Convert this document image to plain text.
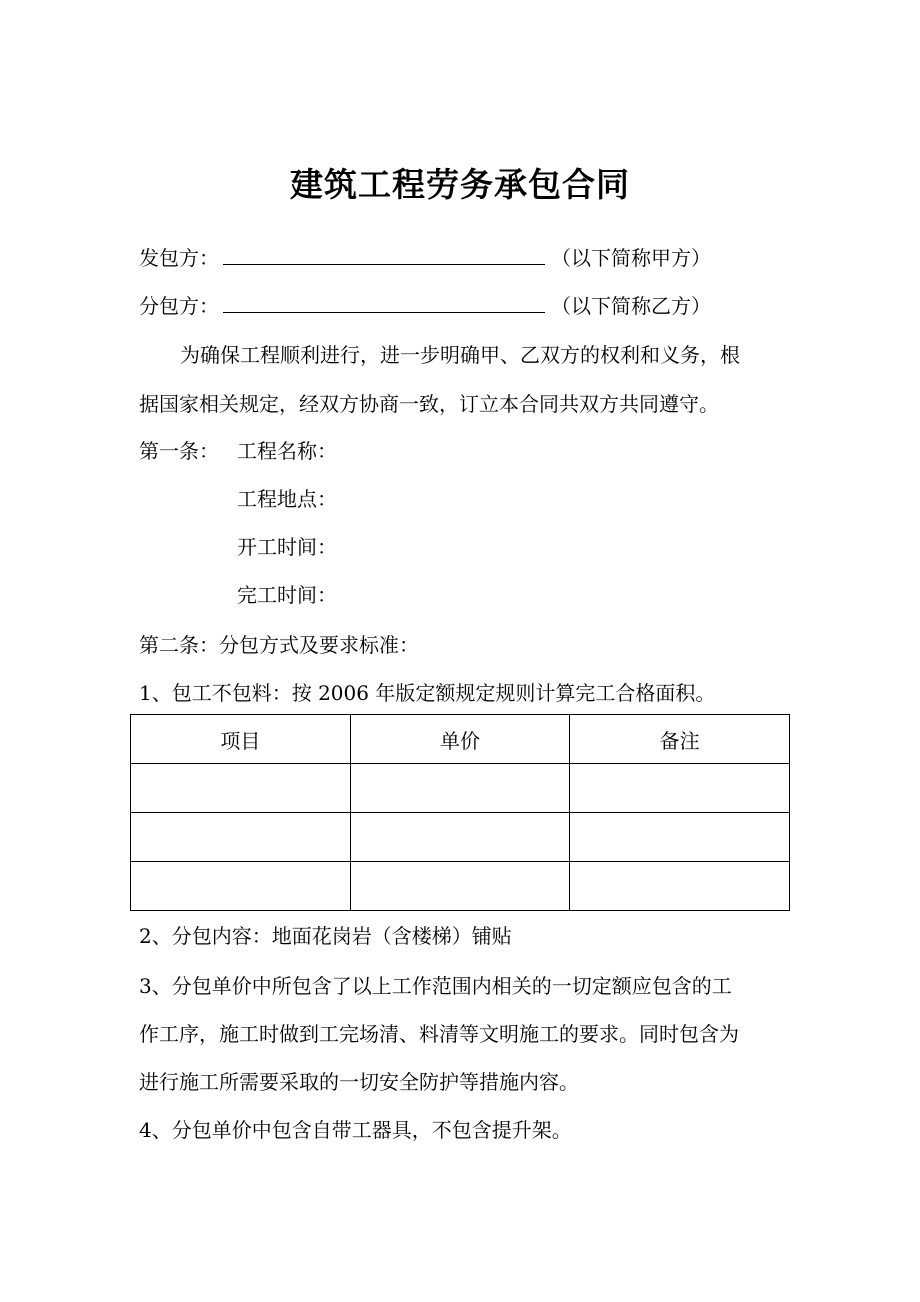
建筑工程劳务承包合同
发包方：	（以下简称甲方）
分包方：	（以下简称乙方）
为确保工程顺利进行，进一步明确甲、乙双方的权利和义务，根
据国家相关规定，经双方协商一致，订立本合同共双方共同遵守。
第一条： 工程名称：
工程地点：
开工时间：
完工时间：
第二条：分包方式及要求标准：
1、包工不包料：按 2006 年版定额规定规则计算完工合格面积。
项目	单价	备注

2、分包内容：地面花岗岩（含楼梯）铺贴
3、分包单价中所包含了以上工作范围内相关的一切定额应包含的工
作工序，施工时做到工完场清、料清等文明施工的要求。同时包含为
进行施工所需要采取的一切安全防护等措施内容。
4、分包单价中包含自带工器具，不包含提升架。
